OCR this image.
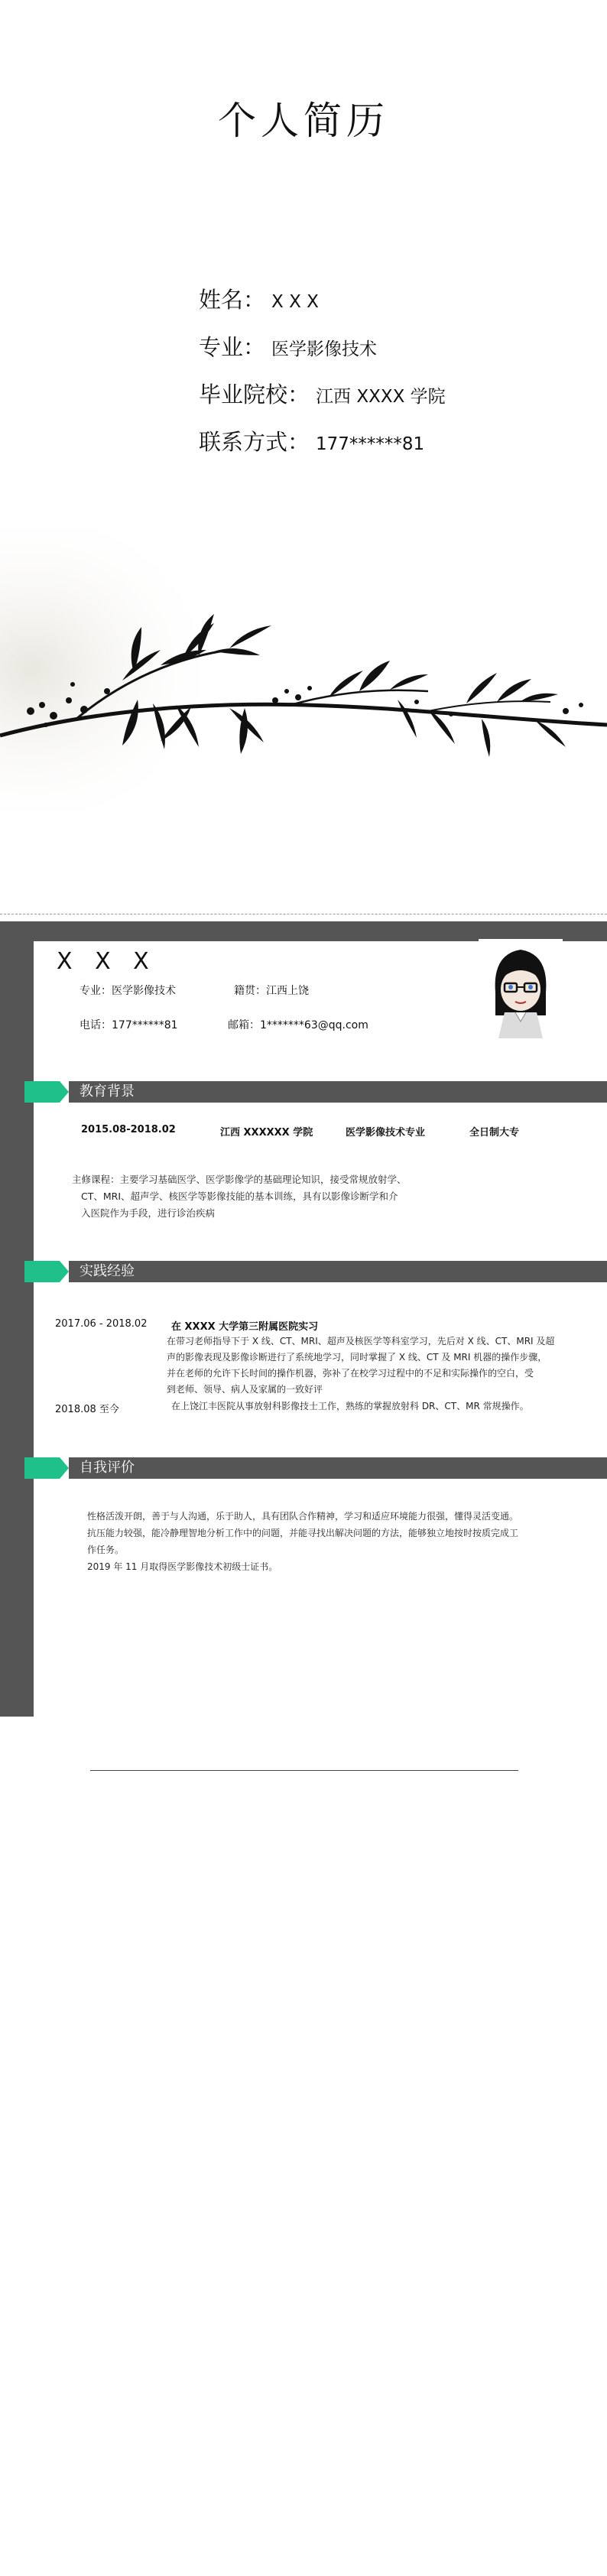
个人简历
姓名： X X X
专业： 医学影像技术
毕业院校： 江西 XXXX 学院
联系方式： 177******81
X X X
专业：医学影像技术	籍贯：江西上饶
电话：177******81	邮箱：1*******63@qq.com
教育背景
2015.08-2018.02	江西 XXXXXX 学院	医学影像技术专业	全日制大专
主修课程：主要学习基础医学、医学影像学的基础理论知识，接受常规放射学、
CT、MRI、超声学、核医学等影像技能的基本训练，具有以影像诊断学和介
入医院作为手段，进行诊治疾病
实践经验
2017.06 - 2018.02 在 XXXX 大学第三附属医院实习
在带习老师指导下于 X 线、CT、MRI、超声及核医学等科室学习，先后对 X 线、CT、MRI 及超
声的影像表现及影像诊断进行了系统地学习，同时掌握了 X 线、CT 及 MRI 机器的操作步骤，
并在老师的允许下长时间的操作机器，弥补了在校学习过程中的不足和实际操作的空白，受
到老师、领导、病人及家属的一致好评
2018.08 至今	在上饶江丰医院从事放射科影像技士工作，熟练的掌握放射科 DR、CT、MR 常规操作。
自我评价
性格活泼开朗，善于与人沟通，乐于助人，具有团队合作精神，学习和适应环境能力很强，懂得灵活变通。
抗压能力较强，能冷静理智地分析工作中的问题，并能寻找出解决问题的方法，能够独立地按时按质完成工
作任务。
2019 年 11 月取得医学影像技术初级士证书。
